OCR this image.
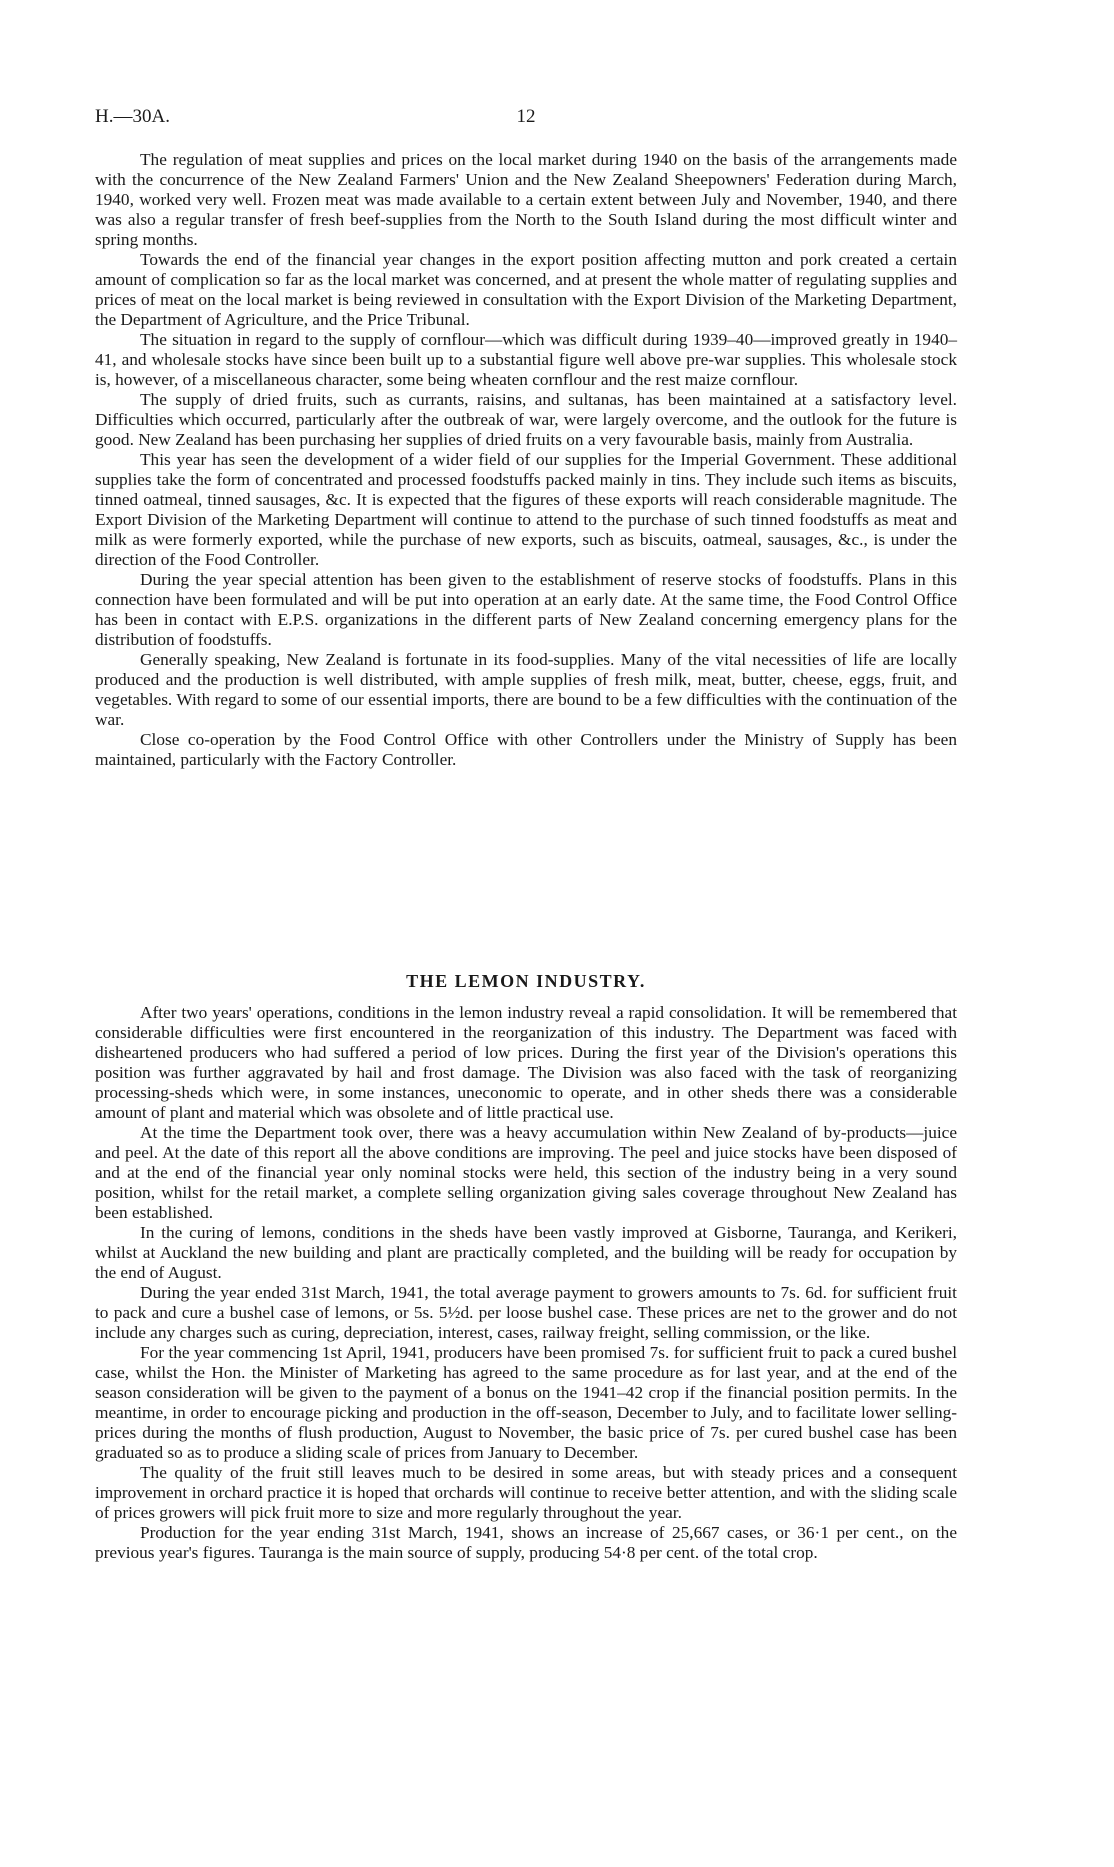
H.—30A.	12

The regulation of meat supplies and prices on the local market during 1940 on the basis of the arrangements made with the concurrence of the New Zealand Farmers' Union and the New Zealand Sheepowners' Federation during March, 1940, worked very well. Frozen meat was made available to a certain extent between July and November, 1940, and there was also a regular transfer of fresh beef-supplies from the North to the South Island during the most difficult winter and spring months.

Towards the end of the financial year changes in the export position affecting mutton and pork created a certain amount of complication so far as the local market was concerned, and at present the whole matter of regulating supplies and prices of meat on the local market is being reviewed in consultation with the Export Division of the Marketing Department, the Department of Agriculture, and the Price Tribunal.

The situation in regard to the supply of cornflour—which was difficult during 1939–40—improved greatly in 1940–41, and wholesale stocks have since been built up to a substantial figure well above pre-war supplies. This wholesale stock is, however, of a miscellaneous character, some being wheaten cornflour and the rest maize cornflour.

The supply of dried fruits, such as currants, raisins, and sultanas, has been maintained at a satisfactory level. Difficulties which occurred, particularly after the outbreak of war, were largely overcome, and the outlook for the future is good. New Zealand has been purchasing her supplies of dried fruits on a very favourable basis, mainly from Australia.

This year has seen the development of a wider field of our supplies for the Imperial Government. These additional supplies take the form of concentrated and processed foodstuffs packed mainly in tins. They include such items as biscuits, tinned oatmeal, tinned sausages, &c. It is expected that the figures of these exports will reach considerable magnitude. The Export Division of the Marketing Department will continue to attend to the purchase of such tinned foodstuffs as meat and milk as were formerly exported, while the purchase of new exports, such as biscuits, oatmeal, sausages, &c., is under the direction of the Food Controller.

During the year special attention has been given to the establishment of reserve stocks of foodstuffs. Plans in this connection have been formulated and will be put into operation at an early date. At the same time, the Food Control Office has been in contact with E.P.S. organizations in the different parts of New Zealand concerning emergency plans for the distribution of foodstuffs.

Generally speaking, New Zealand is fortunate in its food-supplies. Many of the vital necessities of life are locally produced and the production is well distributed, with ample supplies of fresh milk, meat, butter, cheese, eggs, fruit, and vegetables. With regard to some of our essential imports, there are bound to be a few difficulties with the continuation of the war.

Close co-operation by the Food Control Office with other Controllers under the Ministry of Supply has been maintained, particularly with the Factory Controller.

THE LEMON INDUSTRY.

After two years' operations, conditions in the lemon industry reveal a rapid consolidation. It will be remembered that considerable difficulties were first encountered in the reorganization of this industry. The Department was faced with disheartened producers who had suffered a period of low prices. During the first year of the Division's operations this position was further aggravated by hail and frost damage. The Division was also faced with the task of reorganizing processing-sheds which were, in some instances, uneconomic to operate, and in other sheds there was a considerable amount of plant and material which was obsolete and of little practical use.

At the time the Department took over, there was a heavy accumulation within New Zealand of by-products—juice and peel. At the date of this report all the above conditions are improving. The peel and juice stocks have been disposed of and at the end of the financial year only nominal stocks were held, this section of the industry being in a very sound position, whilst for the retail market, a complete selling organization giving sales coverage throughout New Zealand has been established.

In the curing of lemons, conditions in the sheds have been vastly improved at Gisborne, Tauranga, and Kerikeri, whilst at Auckland the new building and plant are practically completed, and the building will be ready for occupation by the end of August.

During the year ended 31st March, 1941, the total average payment to growers amounts to 7s. 6d. for sufficient fruit to pack and cure a bushel case of lemons, or 5s. 5½d. per loose bushel case. These prices are net to the grower and do not include any charges such as curing, depreciation, interest, cases, railway freight, selling commission, or the like.

For the year commencing 1st April, 1941, producers have been promised 7s. for sufficient fruit to pack a cured bushel case, whilst the Hon. the Minister of Marketing has agreed to the same procedure as for last year, and at the end of the season consideration will be given to the payment of a bonus on the 1941–42 crop if the financial position permits. In the meantime, in order to encourage picking and production in the off-season, December to July, and to facilitate lower selling-prices during the months of flush production, August to November, the basic price of 7s. per cured bushel case has been graduated so as to produce a sliding scale of prices from January to December.

The quality of the fruit still leaves much to be desired in some areas, but with steady prices and a consequent improvement in orchard practice it is hoped that orchards will continue to receive better attention, and with the sliding scale of prices growers will pick fruit more to size and more regularly throughout the year.

Production for the year ending 31st March, 1941, shows an increase of 25,667 cases, or 36·1 per cent., on the previous year's figures. Tauranga is the main source of supply, producing 54·8 per cent. of the total crop.
